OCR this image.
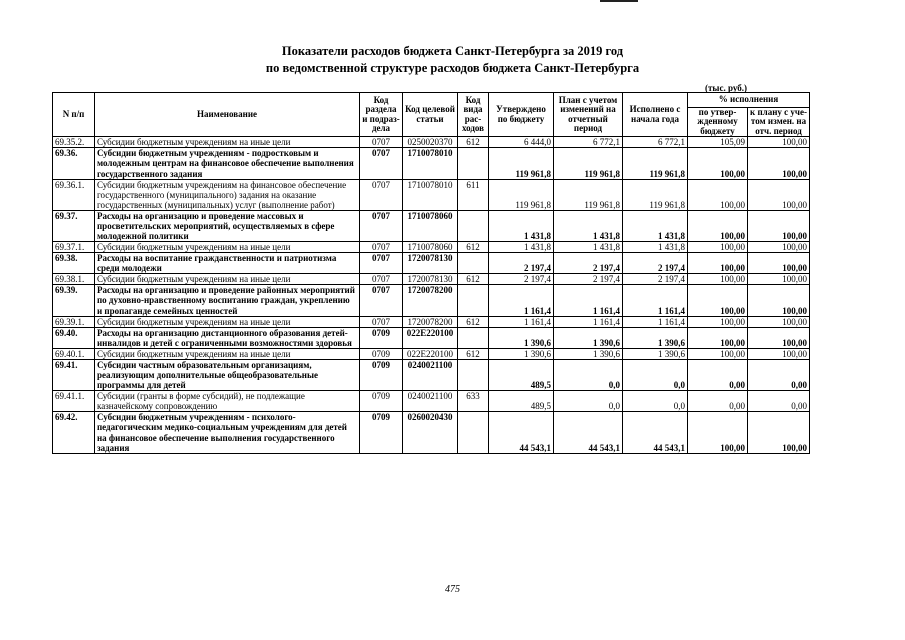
Показатели расходов бюджета Санкт-Петербурга за 2019 год
по ведомственной структуре расходов бюджета Санкт-Петербурга
(тыс. руб.)
N п/п	Наименование	Код раздела и подраз-дела	Код целевой статьи	Код вида рас-ходов	Утверждено по бюджету	План с учетом изменений на отчетный период	Исполнено с начала года	% исполнения	
								по утвер-жденному бюджету	к плану с уче-том измен. на отч. период
69.35.2.	Субсидии бюджетным учреждениям на иные цели	0707	0250020370	612	6 444,0	6 772,1	6 772,1	105,09	100,00
69.36.	Субсидии бюджетным учреждениям - подростковым и молодежным центрам на финансовое обеспечение выполнения государственного задания	0707	1710078010		119 961,8	119 961,8	119 961,8	100,00	100,00
69.36.1.	Субсидии бюджетным учреждениям на финансовое обеспечение государственного (муниципального) задания на оказание государственных (муниципальных) услуг (выполнение работ)	0707	1710078010	611	119 961,8	119 961,8	119 961,8	100,00	100,00
69.37.	Расходы на организацию и проведение массовых и просветительских мероприятий, осуществляемых в сфере молодежной политики	0707	1710078060		1 431,8	1 431,8	1 431,8	100,00	100,00
69.37.1.	Субсидии бюджетным учреждениям на иные цели	0707	1710078060	612	1 431,8	1 431,8	1 431,8	100,00	100,00
69.38.	Расходы на воспитание гражданственности и патриотизма среди молодежи	0707	1720078130		2 197,4	2 197,4	2 197,4	100,00	100,00
69.38.1.	Субсидии бюджетным учреждениям на иные цели	0707	1720078130	612	2 197,4	2 197,4	2 197,4	100,00	100,00
69.39.	Расходы на организацию и проведение районных мероприятий по духовно-нравственному воспитанию граждан, укреплению и пропаганде семейных ценностей	0707	1720078200		1 161,4	1 161,4	1 161,4	100,00	100,00
69.39.1.	Субсидии бюджетным учреждениям на иные цели	0707	1720078200	612	1 161,4	1 161,4	1 161,4	100,00	100,00
69.40.	Расходы на организацию дистанционного образования детей-инвалидов и детей с ограниченными возможностями здоровья	0709	022E220100		1 390,6	1 390,6	1 390,6	100,00	100,00
69.40.1.	Субсидии бюджетным учреждениям на иные цели	0709	022E220100	612	1 390,6	1 390,6	1 390,6	100,00	100,00
69.41.	Субсидии частным образовательным организациям, реализующим дополнительные общеобразовательные программы для детей	0709	0240021100		489,5	0,0	0,0	0,00	0,00
69.41.1.	Субсидии (гранты в форме субсидий), не подлежащие казначейскому сопровождению	0709	0240021100	633	489,5	0,0	0,0	0,00	0,00
69.42.	Субсидии бюджетным учреждениям - психолого-педагогическим медико-социальным учреждениям для детей на финансовое обеспечение выполнения государственного задания	0709	0260020430		44 543,1	44 543,1	44 543,1	100,00	100,00
475
